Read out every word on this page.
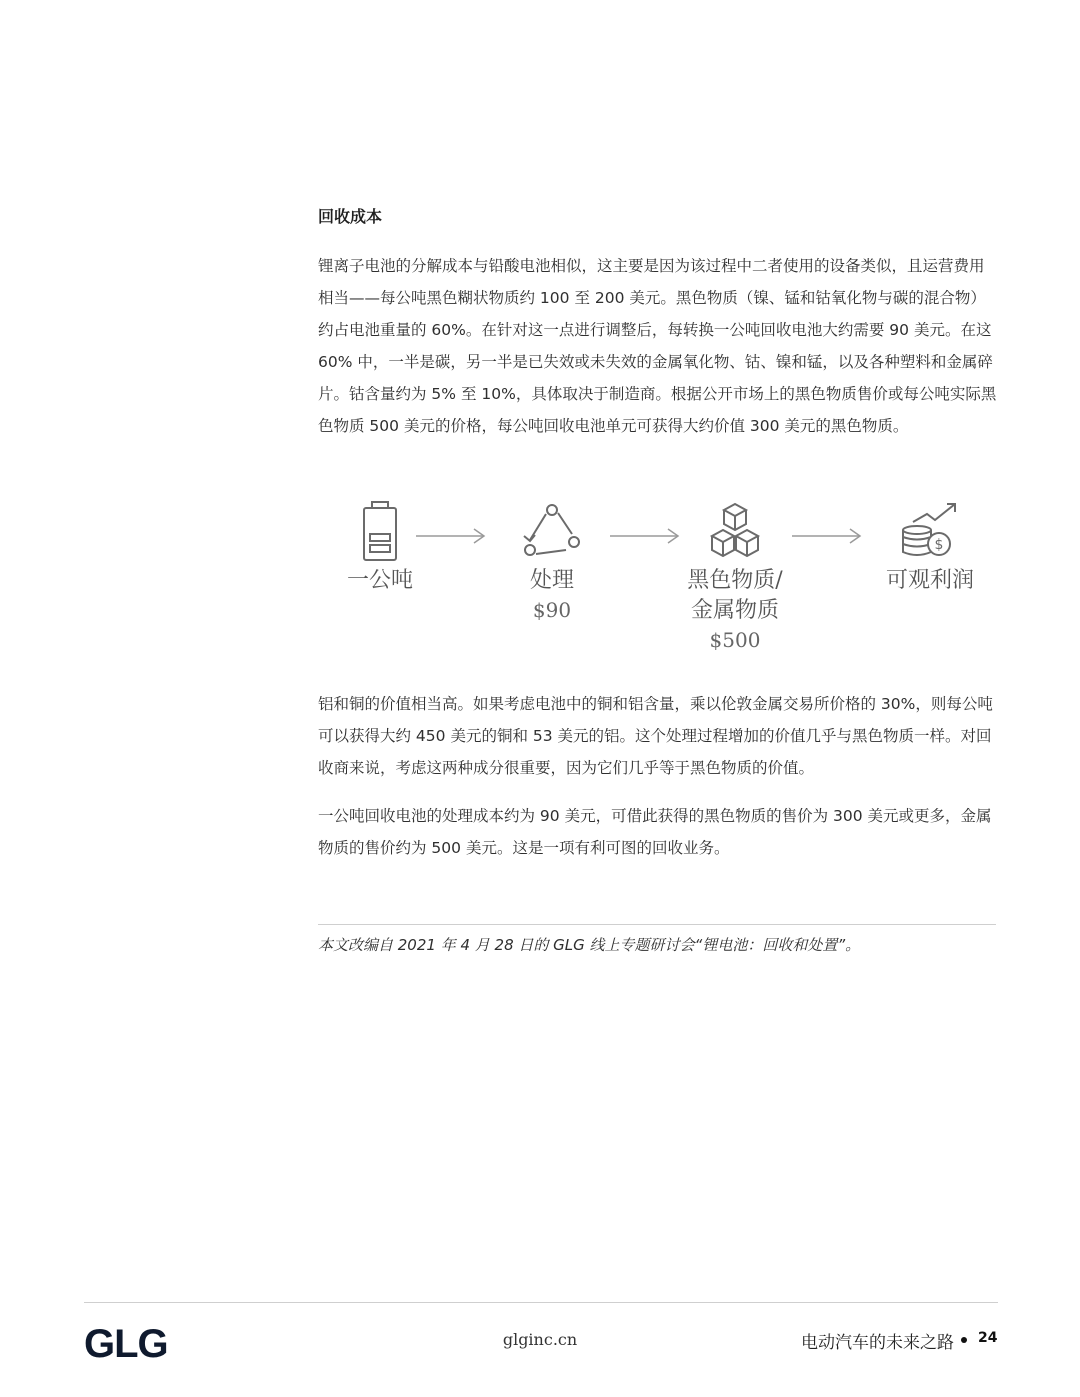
回收成本

锂离子电池的分解成本与铅酸电池相似，这主要是因为该过程中二者使用的设备类似，且运营费用相当——每公吨黑色糊状物质约 100 至 200 美元。黑色物质（镍、锰和钴氧化物与碳的混合物）约占电池重量的 60%。在针对这一点进行调整后，每转换一公吨回收电池大约需要 90 美元。在这 60% 中，一半是碳，另一半是已失效或未失效的金属氧化物、钴、镍和锰，以及各种塑料和金属碎片。钴含量约为 5% 至 10%，具体取决于制造商。根据公开市场上的黑色物质售价或每公吨实际黑色物质 500 美元的价格，每公吨回收电池单元可获得大约价值 300 美元的黑色物质。

一公吨	处理
$90
黑色物质/
金属物质
$500
$
可观利润

铝和铜的价值相当高。如果考虑电池中的铜和铝含量，乘以伦敦金属交易所价格的 30%，则每公吨可以获得大约 450 美元的铜和 53 美元的铝。这个处理过程增加的价值几乎与黑色物质一样。对回收商来说，考虑这两种成分很重要，因为它们几乎等于黑色物质的价值。

一公吨回收电池的处理成本约为 90 美元，可借此获得的黑色物质的售价为 300 美元或更多，金属物质的售价约为 500 美元。这是一项有利可图的回收业务。

本文改编自 2021 年 4 月 28 日的 GLG 线上专题研讨会“锂电池：回收和处置”。

GLG	glginc.cn	电动汽车的未来之路 24
